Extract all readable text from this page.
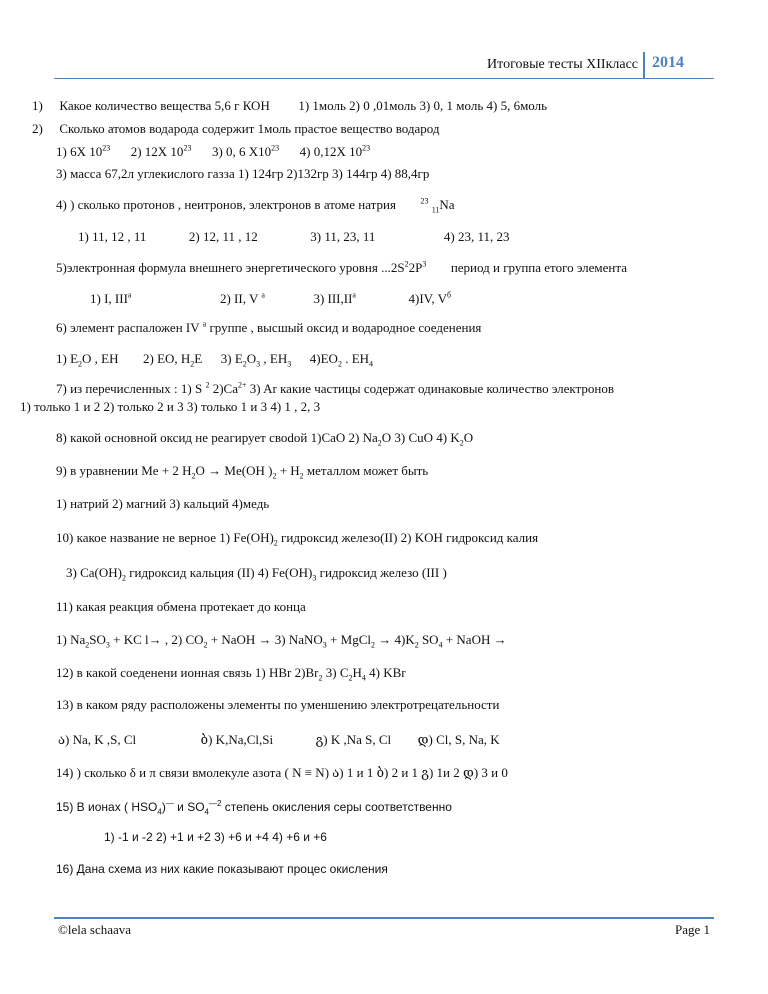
Итоговые тесты XIIкласс 2014
1) Какое количество вещества 5,6 г КОН 1) 1моль 2) 0 ,01моль 3) 0, 1 моль 4) 5, 6моль
2) Сколько атомов водарода содержит 1моль прастое вещество водарод
1) 6X $10^{23}$ 2) 12X $10^{23}$ 3) 0, 6 $X10^{23}$ 4) 0,12X $10^{23}$
3) масса 67,2л углекислого газза 1) 124гр 2)132гр 3) 144гр 4) 88,4гр
4) ) сколько протонов , неитронов, электронов в атоме натрия	$^{23}$ $_{11}$Na
1) 11, 12 , 11	2) 12, 11 , 12	3) 11, 23, 11	4) 23, 11, 23
5)электронная формула внешнего энергетического уровня $...2S^22P^3$ период и группа етого элемента
1) I, III$^a$	2) II, V $^a$	3) $III,II^a$	4)IV, $V^б$
6) элемент распаложен IV $^a$ группе , высшый оксид и водародное соеденения
1) $E_2O$ , EH 2) EO, $H_2E$ 3) $E_2O_3$ , $EH_3$ $4)EO_2$ . $EH_4$
7) из перечисленных : 1) S $^2$ $2)Ca^{2+}$ 3) Ar какие частицы содержат одинаковые количество электронов
1) только 1 и 2 2) только 2 и 3 3) только 1 и 3 4) 1 , 2, 3
8) какой основной оксид не реагирует своdой 1)CaO 2) $Na_2O$ 3) CuO 4) $K_2O$
9) в уравнении Me + 2 $H_2O \to Me(OH$ )$_2 + H_2$ металлом может быть
1) натрий 2) магний 3) кальций 4)медь
10) какое название не верное 1) $Fe(OH)_2$ гидроксид железо(II) 2) KOH гидроксид калия
3) $Ca(OH)_2$ гидроксид кальция (II) 4) $Fe(OH)_3$ гидроксид железо (III )
11) какая реакция обмена протекает до конца
1) $Na_2SO_3$ + KC l→ , 2) $CO_2$ + NaOH → 3) NaNO$_3$ + MgCl$_2$ → $4)K_2$ $SO_4$ + NaOH →
12) в какой соеденени ионная связь 1) HBr $2)Br_2$ 3) $C_2H_4$ 4) KBr
13) в каком ряду расположены элементы по уменшению электротрецательности
ა) Na, K ,S, Cl	ბ) K,Na,Cl,Si	გ) K ,Na S, Cl დ) Cl, S, Na, K
14) ) сколько δ и π связи вмолекуле азота ( N ≡ N) ა) 1 и 1 ბ) 2 и 1 გ) 1и 2 დ) 3 и 0
15) В ионах ( $HSO_4)^—$ и $SO_4^{—2}$ степень окисления серы соответственно
1) -1 и -2 2) +1 и +2 3) +6 и +4 4) +6 и +6
16) Дана схема из них какие показывают процес окисления
©lela schaava	Page 1
